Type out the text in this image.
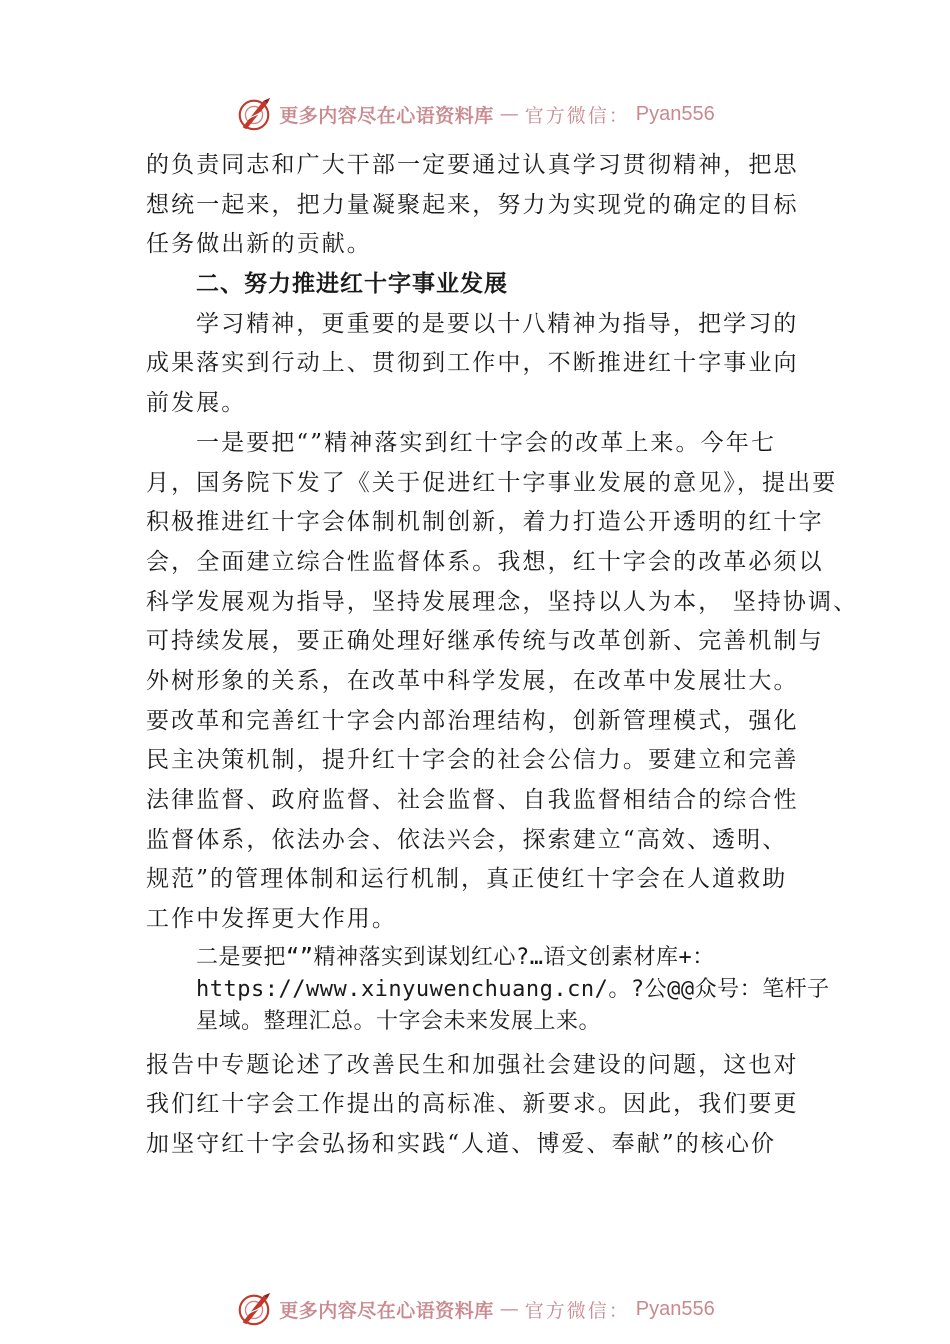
更多内容尽在心语资料库 — 官方微信： Pyan556
的负责同志和广大干部一定要通过认真学习贯彻精神，把思
想统一起来，把力量凝聚起来，努力为实现党的确定的目标
任务做出新的贡献。
二、努力推进红十字事业发展
学习精神，更重要的是要以十八精神为指导，把学习的
成果落实到行动上、贯彻到工作中，不断推进红十字事业向
前发展。
一是要把“”精神落实到红十字会的改革上来。今年七
月，国务院下发了《关于促进红十字事业发展的意见》，提出要
积极推进红十字会体制机制创新，着力打造公开透明的红十字
会，全面建立综合性监督体系。我想，红十字会的改革必须以
科学发展观为指导，坚持发展理念，坚持以人为本， 坚持协调、
可持续发展，要正确处理好继承传统与改革创新、完善机制与
外树形象的关系，在改革中科学发展，在改革中发展壮大。
要改革和完善红十字会内部治理结构，创新管理模式，强化
民主决策机制，提升红十字会的社会公信力。要建立和完善
法律监督、政府监督、社会监督、自我监督相结合的综合性
监督体系，依法办会、依法兴会，探索建立“高效、透明、
规范”的管理体制和运行机制，真正使红十字会在人道救助
工作中发挥更大作用。
二是要把“”精神落实到谋划红心?…语文创素材库+：
https://www.xinyuwenchuang.cn/。?公@@众号：笔杆子
星域。整理汇总。十字会未来发展上来。
报告中专题论述了改善民生和加强社会建设的问题，这也对
我们红十字会工作提出的高标准、新要求。因此，我们要更
加坚守红十字会弘扬和实践“人道、博爱、奉献”的核心价
更多内容尽在心语资料库 — 官方微信： Pyan556
